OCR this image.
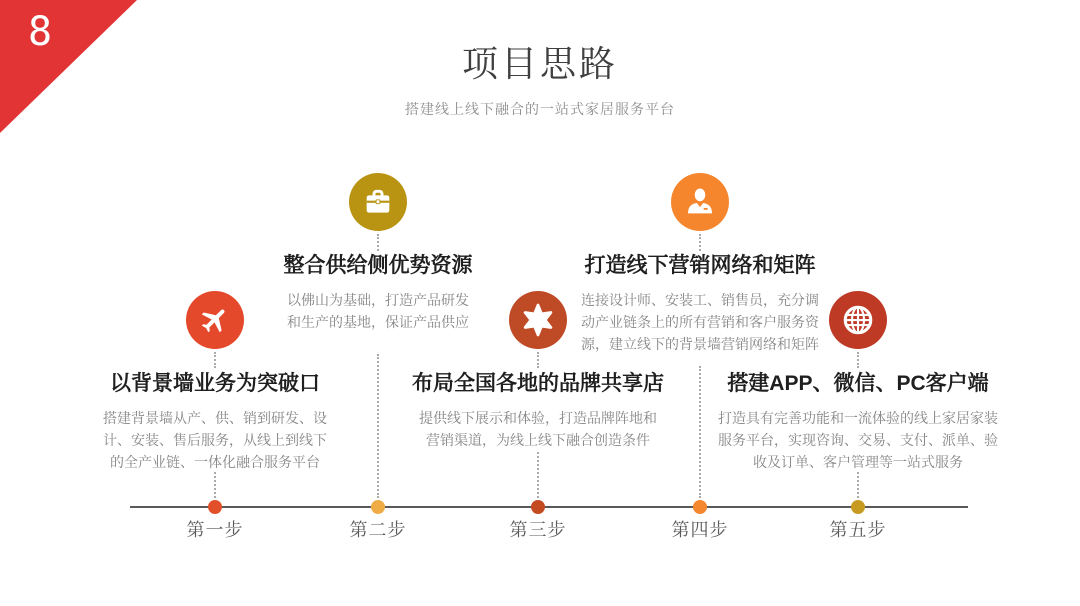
8
项目思路
搭建线上线下融合的一站式家居服务平台
以背景墙业务为突破口

搭建背景墙从产、供、销到研发、设计、安装、售后服务，从线上到线下的全产业链、一体化融合服务平台

第一步
整合供给侧优势资源

以佛山为基础，打造产品研发和生产的基地，保证产品供应

第二步
布局全国各地的品牌共享店

提供线下展示和体验，打造品牌阵地和营销渠道，为线上线下融合创造条件

第三步
打造线下营销网络和矩阵

连接设计师、安装工、销售员，充分调动产业链条上的所有营销和客户服务资源，建立线下的背景墙营销网络和矩阵

第四步
搭建APP、微信、PC客户端

打造具有完善功能和一流体验的线上家居家装服务平台，实现咨询、交易、支付、派单、验收及订单、客户管理等一站式服务

第五步
